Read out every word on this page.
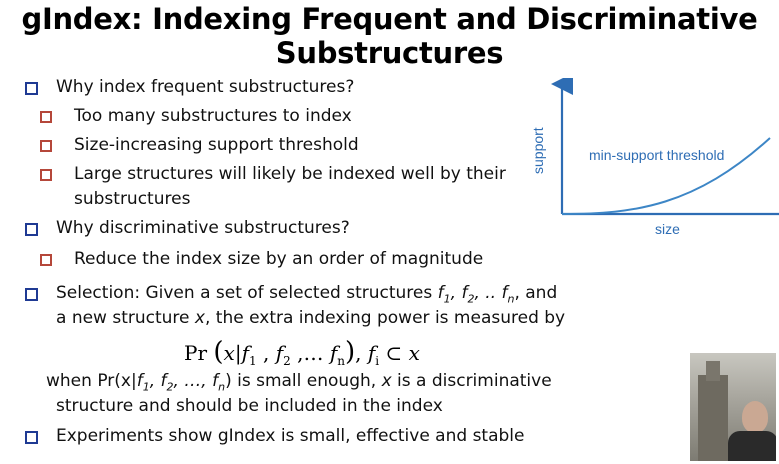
gIndex: Indexing Frequent and Discriminative
Substructures
Why index frequent substructures?
Too many substructures to index
Size-increasing support threshold
Large structures will likely be indexed well by their
substructures
Why discriminative substructures?
Reduce the index size by an order of magnitude
Selection: Given a set of selected structures $f_1$, $f_2$, .. $f_n$, and
a new structure x, the extra indexing power is measured by
Pr ($x|f_1$ , $f_2$ ,… $f_n$), $f_i$ ⊂ x
when $Pr(x|f_1$, $f_2$, …, $f_n$) is small enough, x is a discriminative
structure and should be included in the index
Experiments show gIndex is small, effective and stable
support	min-support threshold
size
